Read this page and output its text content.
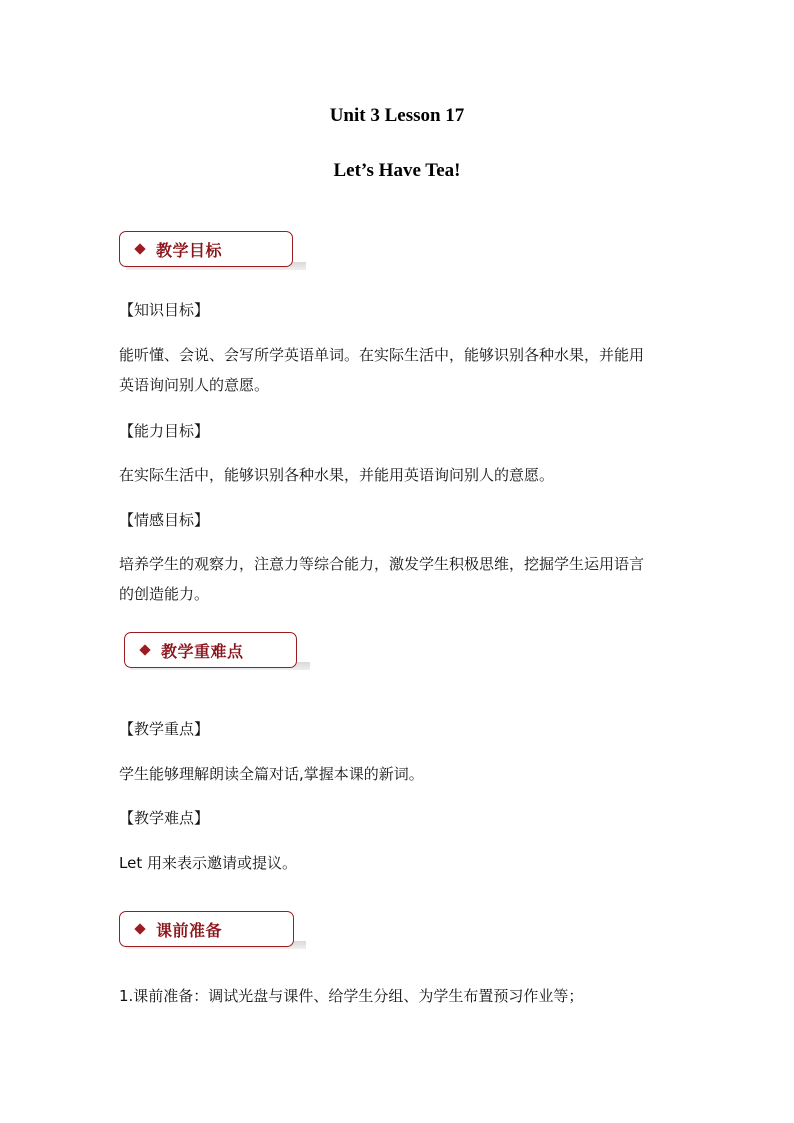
Unit 3 Lesson 17
Let’s Have Tea!
教学目标
【知识目标】
能听懂、会说、会写所学英语单词。在实际生活中，能够识别各种水果，并能用
英语询问别人的意愿。
【能力目标】
在实际生活中，能够识别各种水果，并能用英语询问别人的意愿。
【情感目标】
培养学生的观察力，注意力等综合能力，激发学生积极思维，挖掘学生运用语言
的创造能力。
教学重难点
【教学重点】
学生能够理解朗读全篇对话,掌握本课的新词。
【教学难点】
Let 用来表示邀请或提议。
课前准备
1.课前准备：调试光盘与课件、给学生分组、为学生布置预习作业等；
